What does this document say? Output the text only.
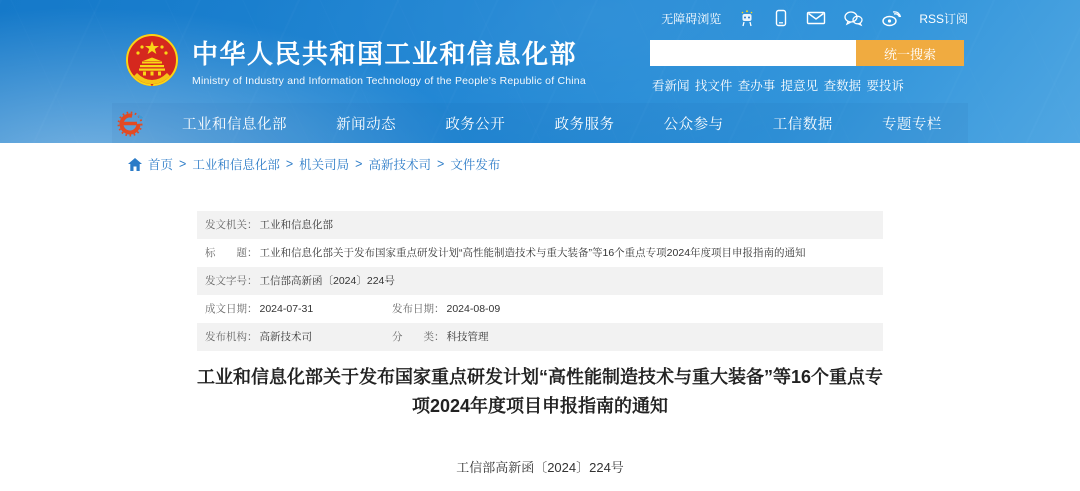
无障碍浏览	RSS订阅
中华人民共和国工业和信息化部
Ministry of Industry and Information Technology of the People's Republic of China
统一搜索
看新闻 找文件 查办事 提意见 查数据 要投诉
工业和信息化部	新闻动态	政务公开	政务服务	公众参与	工信数据	专题专栏
首页 > 工业和信息化部 > 机关司局 > 高新技术司 > 文件发布
发文机关： 工业和信息化部
标　　题： 工业和信息化部关于发布国家重点研发计划“高性能制造技术与重大装备”等16个重点专项2024年度项目申报指南的通知
发文字号： 工信部高新函〔2024〕224号
成文日期： 2024-07-31	发布日期： 2024-08-09
发布机构： 高新技术司	分　　类： 科技管理
工业和信息化部关于发布国家重点研发计划“高性能制造技术与重大装备”等16个重点专项2024年度项目申报指南的通知
工信部高新函〔2024〕224号
